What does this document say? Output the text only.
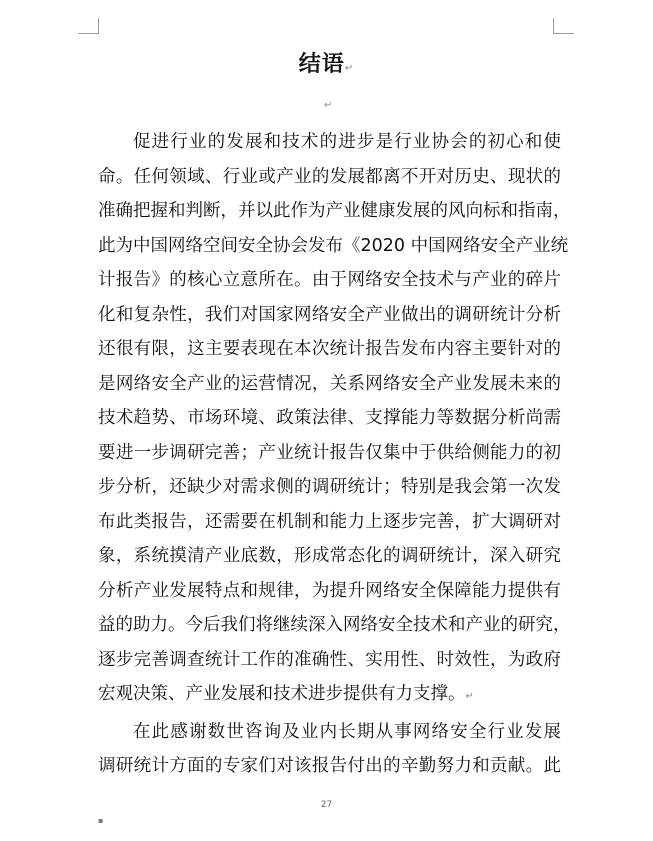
结语↵
↵
促进行业的发展和技术的进步是行业协会的初心和使
命。任何领域、行业或产业的发展都离不开对历史、现状的
准确把握和判断，并以此作为产业健康发展的风向标和指南，
此为中国网络空间安全协会发布《2020 中国网络安全产业统
计报告》的核心立意所在。由于网络安全技术与产业的碎片
化和复杂性，我们对国家网络安全产业做出的调研统计分析
还很有限，这主要表现在本次统计报告发布内容主要针对的
是网络安全产业的运营情况，关系网络安全产业发展未来的
技术趋势、市场环境、政策法律、支撑能力等数据分析尚需
要进一步调研完善；产业统计报告仅集中于供给侧能力的初
步分析，还缺少对需求侧的调研统计；特别是我会第一次发
布此类报告，还需要在机制和能力上逐步完善，扩大调研对
象，系统摸清产业底数，形成常态化的调研统计，深入研究
分析产业发展特点和规律，为提升网络安全保障能力提供有
益的助力。今后我们将继续深入网络安全技术和产业的研究，
逐步完善调查统计工作的准确性、实用性、时效性，为政府
宏观决策、产业发展和技术进步提供有力支撑。↵
在此感谢数世咨询及业内长期从事网络安全行业发展
调研统计方面的专家们对该报告付出的辛勤努力和贡献。此
27
▪
